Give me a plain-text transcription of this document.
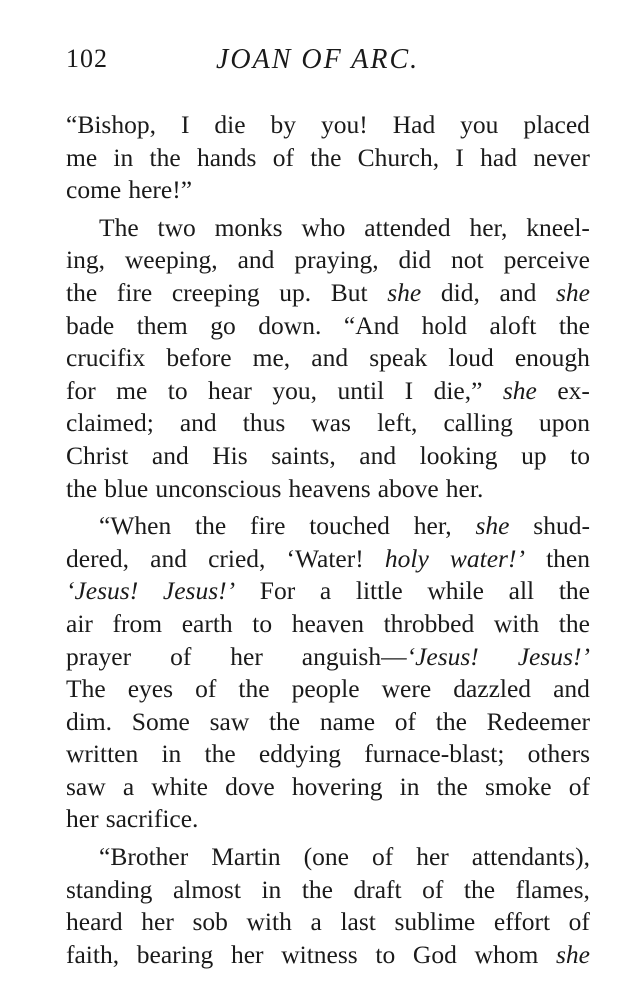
102	JOAN OF ARC.
“Bishop, I die by you! Had you placed
me in the hands of the Church, I had never
come here!”
The two monks who attended her, kneel-
ing, weeping, and praying, did not perceive
the fire creeping up. But she did, and she
bade them go down. “And hold aloft the
crucifix before me, and speak loud enough
for me to hear you, until I die,” she ex-
claimed; and thus was left, calling upon
Christ and His saints, and looking up to
the blue unconscious heavens above her.
“When the fire touched her, she shud-
dered, and cried, ‘Water! holy water!’ then
‘Jesus! Jesus!’ For a little while all the
air from earth to heaven throbbed with the
prayer of her anguish—‘Jesus! Jesus!’
The eyes of the people were dazzled and
dim. Some saw the name of the Redeemer
written in the eddying furnace-blast; others
saw a white dove hovering in the smoke of
her sacrifice.
“Brother Martin (one of her attendants),
standing almost in the draft of the flames,
heard her sob with a last sublime effort of
faith, bearing her witness to God whom she
